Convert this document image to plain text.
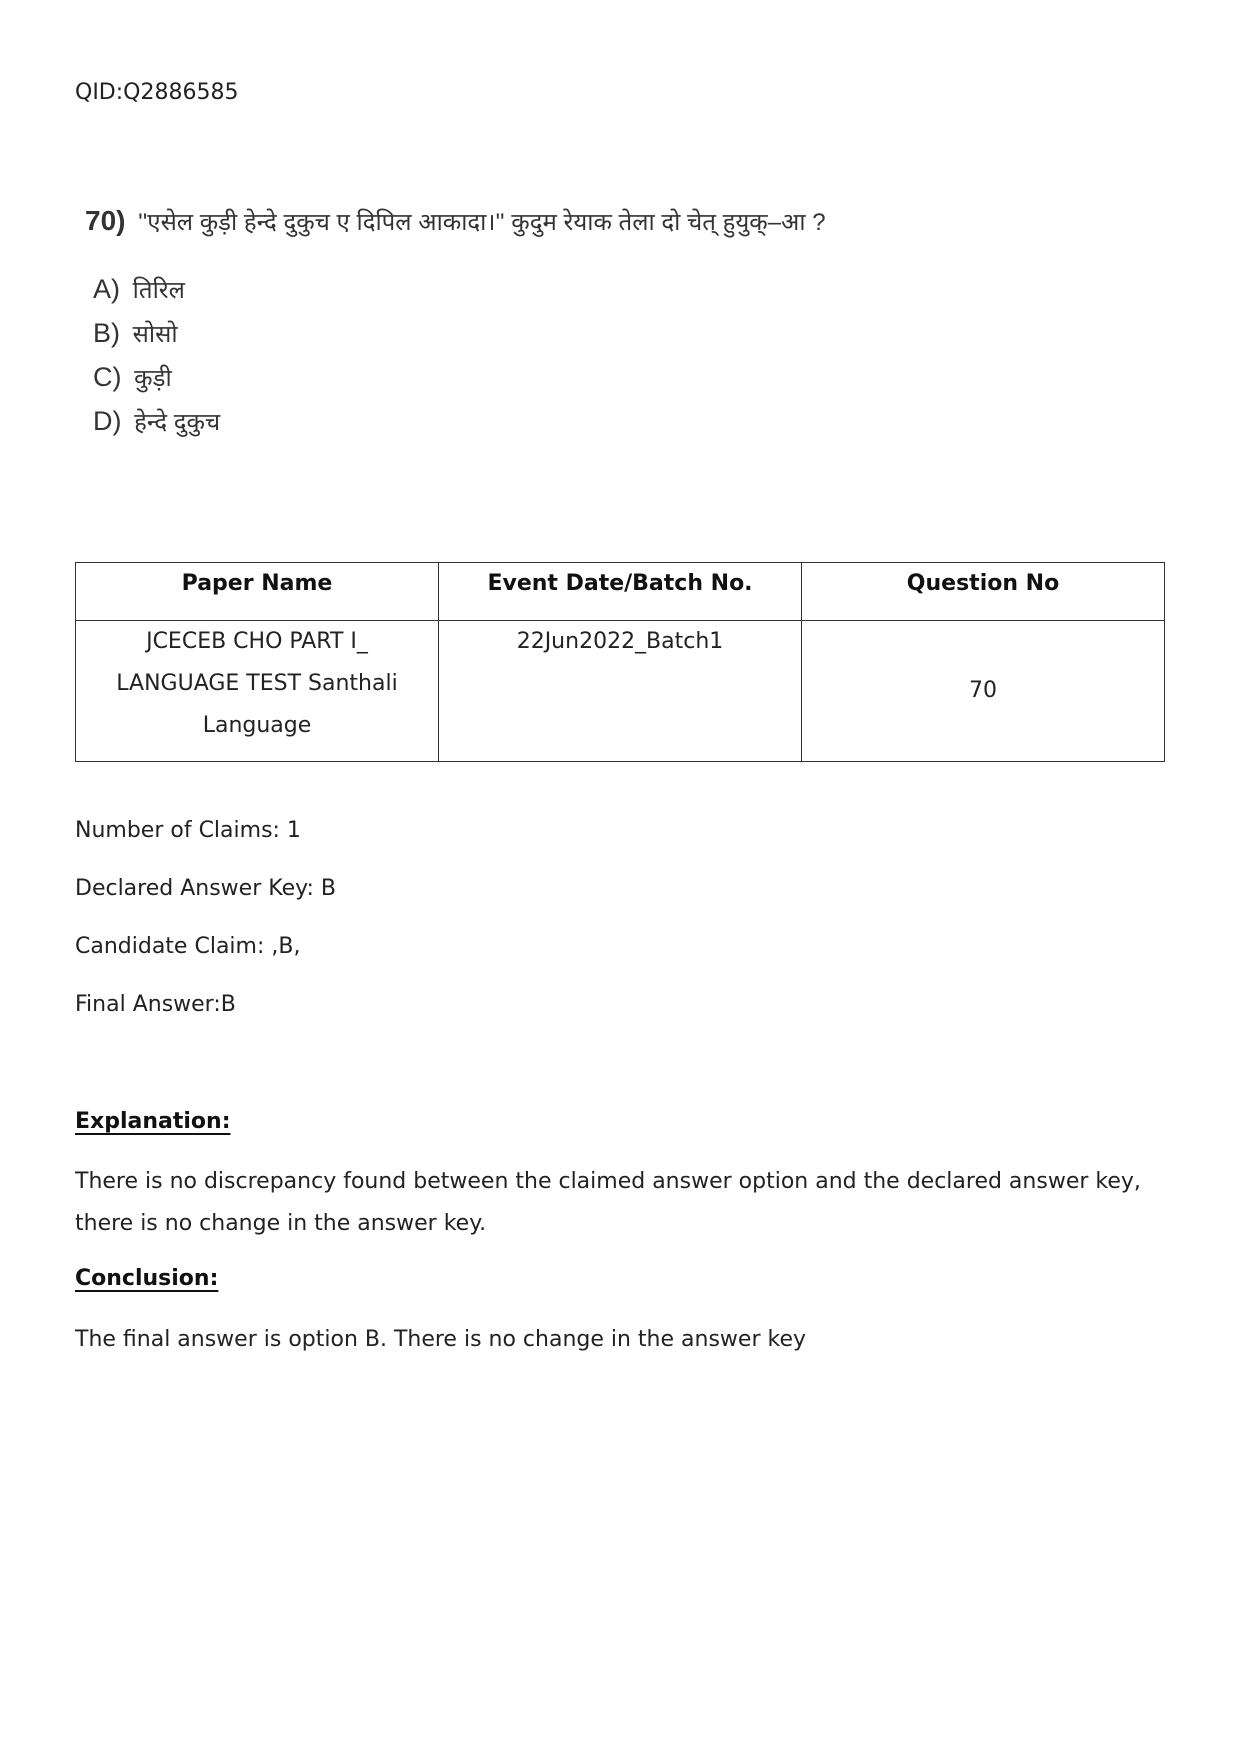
QID:Q2886585
70) ''एसेल कुड़ी हेन्दे दुकुच ए दिपिल आकादा।'' कुदुम रेयाक तेला दो चेत् हुयुक्–आ ?
A) तिरिल
B) सोसो
C) कुड़ी
D) हेन्दे दुकुच
Paper Name	Event Date/Batch No.	Question No

JCECEB CHO PART I_
LANGUAGE TEST Santhali
Language	22Jun2022_Batch1	70
Number of Claims: 1
Declared Answer Key: B
Candidate Claim: ,B,
Final Answer:B
Explanation:
There is no discrepancy found between the claimed answer option and the declared answer key, there is no change in the answer key.
Conclusion:
The final answer is option B. There is no change in the answer key
